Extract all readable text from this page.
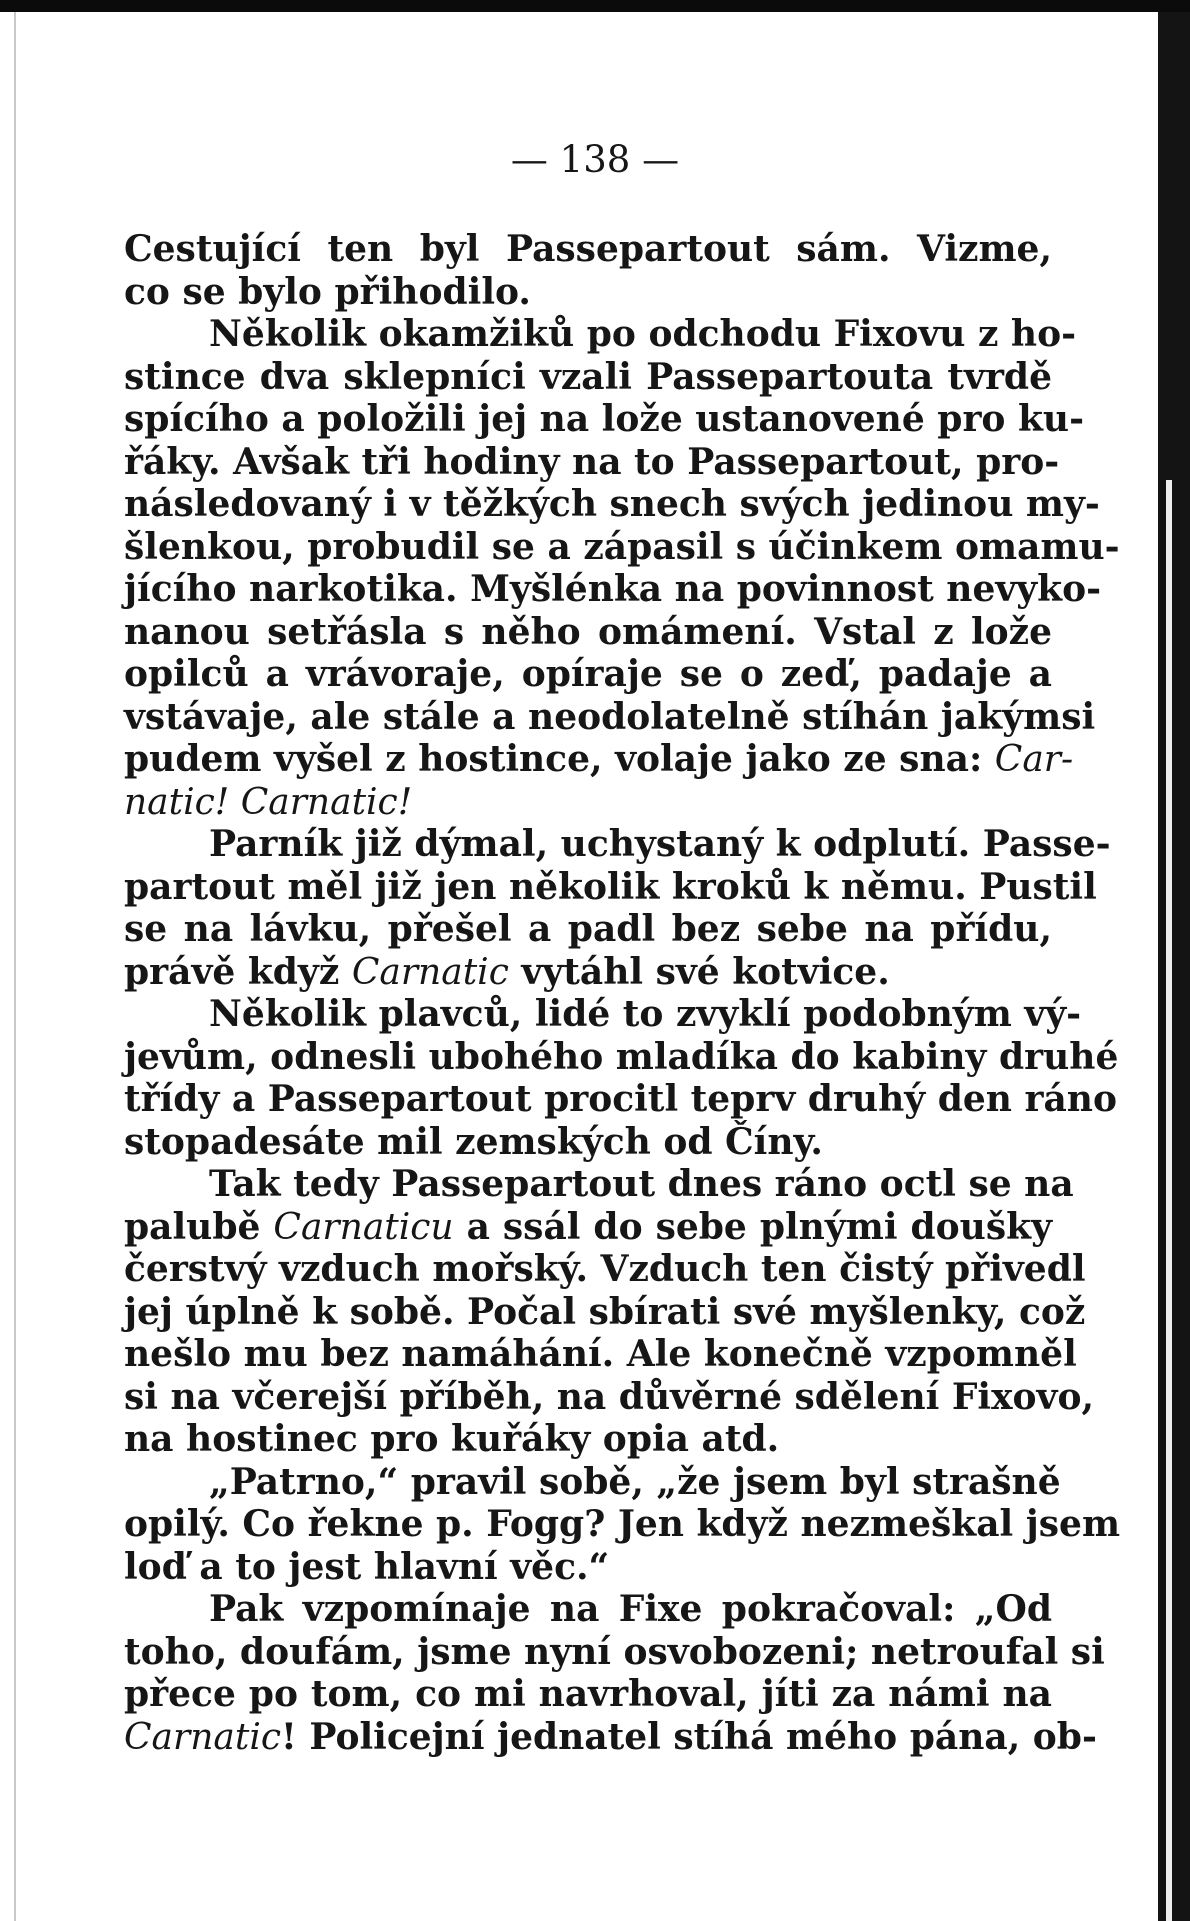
— 138 —
Cestující ten byl Passepartout sám. Vizme,
co se bylo přihodilo.
Několik okamžiků po odchodu Fixovu z ho-
stince dva sklepníci vzali Passepartouta tvrdě
spícího a položili jej na lože ustanovené pro ku-
řáky. Avšak tři hodiny na to Passepartout, pro-
následovaný i v těžkých snech svých jedinou my-
šlenkou, probudil se a zápasil s účinkem omamu-
jícího narkotika. Myšlénka na povinnost nevyko-
nanou setřásla s něho omámení. Vstal z lože
opilců a vrávoraje, opíraje se o zeď, padaje a
vstávaje, ale stále a neodolatelně stíhán jakýmsi
pudem vyšel z hostince, volaje jako ze sna: Car-
natic! Carnatic!
Parník již dýmal, uchystaný k odplutí. Passe-
partout měl již jen několik kroků k němu. Pustil
se na lávku, přešel a padl bez sebe na přídu,
právě když Carnatic vytáhl své kotvice.
Několik plavců, lidé to zvyklí podobným vý-
jevům, odnesli ubohého mladíka do kabiny druhé
třídy a Passepartout procitl teprv druhý den ráno
stopadesáte mil zemských od Číny.
Tak tedy Passepartout dnes ráno octl se na
palubě Carnaticu a ssál do sebe plnými doušky
čerstvý vzduch mořský. Vzduch ten čistý přivedl
jej úplně k sobě. Počal sbírati své myšlenky, což
nešlo mu bez namáhání. Ale konečně vzpomněl
si na včerejší příběh, na důvěrné sdělení Fixovo,
na hostinec pro kuřáky opia atd.
„Patrno,“ pravil sobě, „že jsem byl strašně
opilý. Co řekne p. Fogg? Jen když nezmeškal jsem
loď a to jest hlavní věc.“
Pak vzpomínaje na Fixe pokračoval: „Od
toho, doufám, jsme nyní osvobozeni; netroufal si
přece po tom, co mi navrhoval, jíti za námi na
Carnatic! Policejní jednatel stíhá mého pána, ob-
